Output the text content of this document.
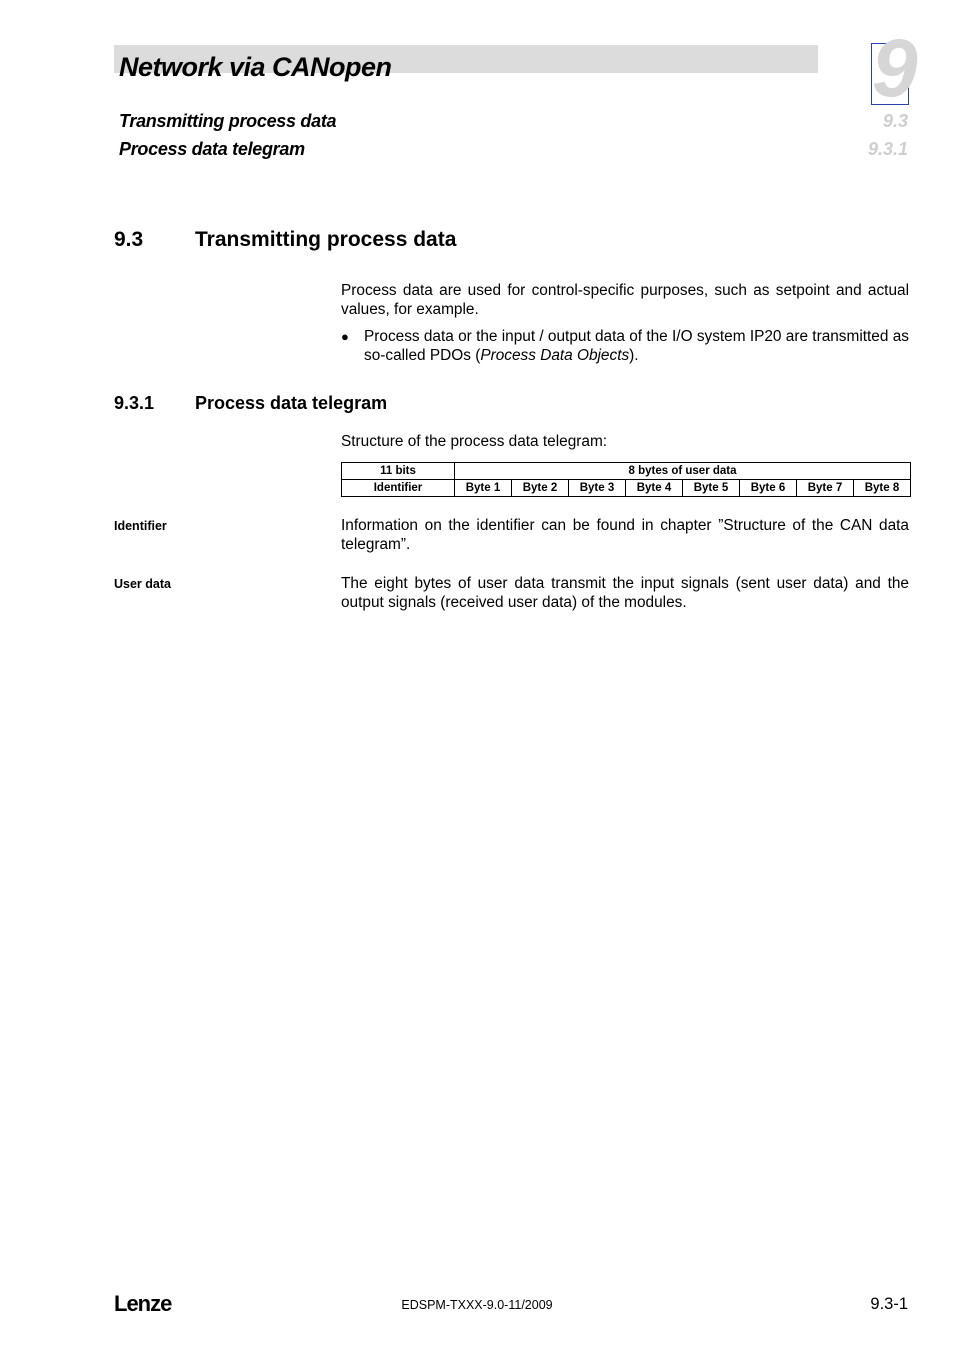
Network via CANopen	9
Transmitting process data	9.3
Process data telegram	9.3.1
9.3 Transmitting process data
Process data are used for control-specific purposes, such as setpoint and actual values, for example.
● Process data or the input / output data of the I/O system IP20 are transmitted as so-called PDOs (Process Data Objects).
9.3.1 Process data telegram
Structure of the process data telegram:
11 bits	8 bytes of user data							
Identifier	Byte 1	Byte 2	Byte 3	Byte 4	Byte 5	Byte 6	Byte 7	Byte 8
Identifier	Information on the identifier can be found in chapter ”Structure of the CAN data telegram”.
User data	The eight bytes of user data transmit the input signals (sent user data) and the output signals (received user data) of the modules.
Lenze	EDSPM-TXXX-9.0-11/2009	9.3-1
